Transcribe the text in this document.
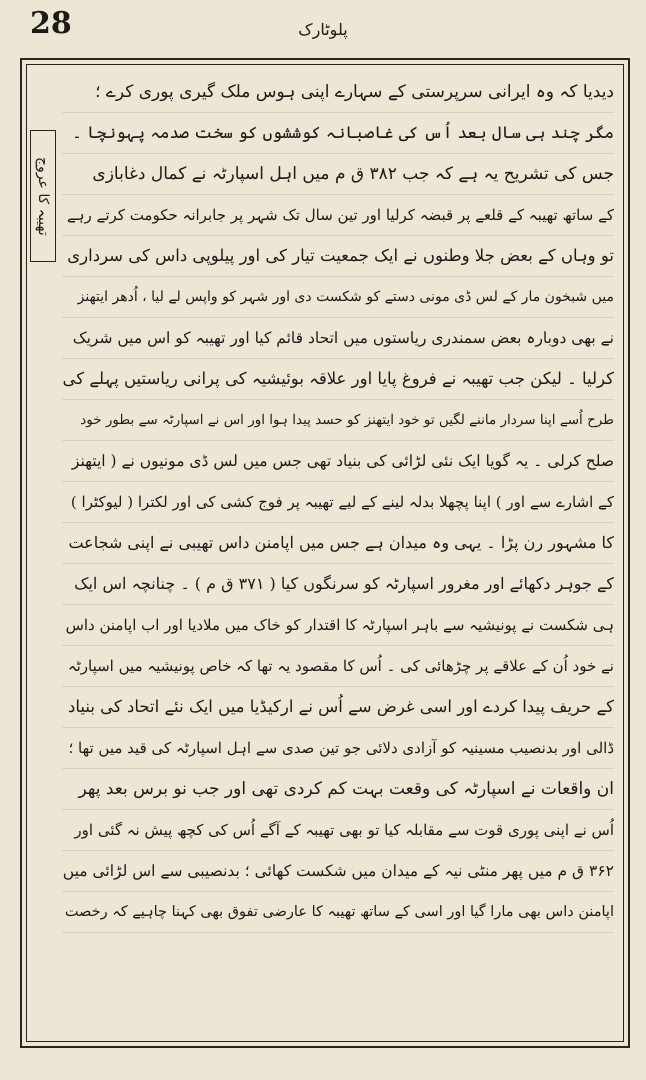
28	پلوٹارک
تھیبہ کا عروج
دیدیا کہ وہ ایرانی سرپرستی کے سہارے اپنی ہوس ملک گیری پوری کرے ؛
مگر چند ہی سال بعد اُس کی غاصبانہ کوششوں کو سخت صدمہ پہونچا ۔
جس کی تشریح یہ ہے کہ جب ۳۸۲ ق م میں اہل اسپارٹہ نے کمال دغابازی
کے ساتھ تھیبہ کے قلعے پر قبضہ کرلیا اور تین سال تک شہر پر جابرانہ حکومت کرتے رہے
تو وہاں کے بعض جلا وطنوں نے ایک جمعیت تیار کی اور پیلوپی داس کی سرداری
میں شبخون مار کے لس ڈی مونی دستے کو شکست دی اور شہر کو واپس لے لیا ، اُدھر ایتھنز
نے بھی دوبارہ بعض سمندری ریاستوں میں اتحاد قائم کیا اور تھیبہ کو اس میں شریک
کرلیا ۔ لیکن جب تھیبہ نے فروغ پایا اور علاقہ بوئیشیہ کی پرانی ریاستیں پہلے کی
طرح اُسے اپنا سردار ماننے لگیں تو خود ایتھنز کو حسد پیدا ہوا اور اس نے اسپارٹہ سے بطور خود
صلح کرلی ۔ یہ گویا ایک نئی لڑائی کی بنیاد تھی جس میں لس ڈی مونیوں نے ( ایتھنز
کے اشارے سے اور ) اپنا پچھلا بدلہ لینے کے لیے تھیبہ پر فوج کشی کی اور لکترا ( لیوکٹرا )
کا مشہور رن پڑا ۔ یہی وہ میدان ہے جس میں اپامنن داس تھیبی نے اپنی شجاعت
کے جوہر دکھائے اور مغرور اسپارٹہ کو سرنگوں کیا ( ۳۷۱ ق م ) ۔ چنانچہ اس ایک
ہی شکست نے پونیشیہ سے باہر اسپارٹہ کا اقتدار کو خاک میں ملادیا اور اب اپامنن داس
نے خود اُن کے علاقے پر چڑھائی کی ۔ اُس کا مقصود یہ تھا کہ خاص پونیشیہ میں اسپارٹہ
کے حریف پیدا کردے اور اسی غرض سے اُس نے ارکیڈیا میں ایک نئے اتحاد کی بنیاد
ڈالی اور بدنصیب مسینیہ کو آزادی دلائی جو تین صدی سے اہل اسپارٹہ کی قید میں تھا ؛
ان واقعات نے اسپارٹہ کی وقعت بہت کم کردی تھی اور جب نو برس بعد پھر
اُس نے اپنی پوری قوت سے مقابلہ کیا تو بھی تھیبہ کے آگے اُس کی کچھ پیش نہ گئی اور
۳۶۲ ق م میں پھر منٹی نیہ کے میدان میں شکست کھائی ؛ بدنصیبی سے اس لڑائی میں
اپامنن داس بھی مارا گیا اور اسی کے ساتھ تھیبہ کا عارضی تفوق بھی کہنا چاہیے کہ رخصت
